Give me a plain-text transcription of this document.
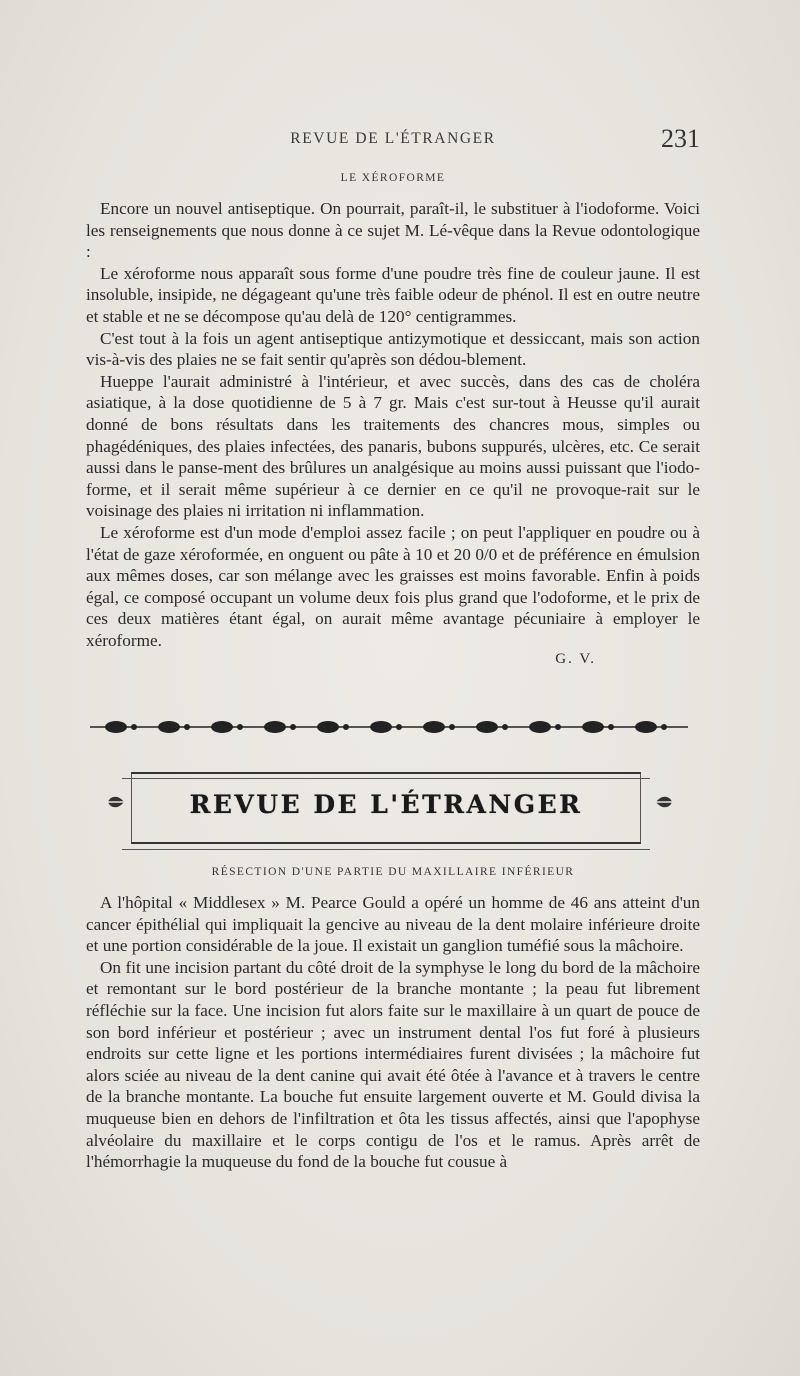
REVUE DE L'ÉTRANGER	231
LE XÉROFORME

Encore un nouvel antiseptique. On pourrait, paraît-il, le substituer à l'iodoforme. Voici les renseignements que nous donne à ce sujet M. Lé-vêque dans la Revue odontologique :

Le xéroforme nous apparaît sous forme d'une poudre très fine de couleur jaune. Il est insoluble, insipide, ne dégageant qu'une très faible odeur de phénol. Il est en outre neutre et stable et ne se décompose qu'au delà de 120° centigrammes.

C'est tout à la fois un agent antiseptique antizymotique et dessiccant, mais son action vis-à-vis des plaies ne se fait sentir qu'après son dédou-blement.

Hueppe l'aurait administré à l'intérieur, et avec succès, dans des cas de choléra asiatique, à la dose quotidienne de 5 à 7 gr. Mais c'est sur-tout à Heusse qu'il aurait donné de bons résultats dans les traitements des chancres mous, simples ou phagédéniques, des plaies infectées, des panaris, bubons suppurés, ulcères, etc. Ce serait aussi dans le panse-ment des brûlures un analgésique au moins aussi puissant que l'iodo-forme, et il serait même supérieur à ce dernier en ce qu'il ne provoque-rait sur le voisinage des plaies ni irritation ni inflammation.

Le xéroforme est d'un mode d'emploi assez facile ; on peut l'appliquer en poudre ou à l'état de gaze xéroformée, en onguent ou pâte à 10 et 20 0/0 et de préférence en émulsion aux mêmes doses, car son mélange avec les graisses est moins favorable. Enfin à poids égal, ce composé occupant un volume deux fois plus grand que l'odoforme, et le prix de ces deux matières étant égal, on aurait même avantage pécuniaire à employer le xéroforme.

G. V.
REVUE DE L'ÉTRANGER
RÉSECTION D'UNE PARTIE DU MAXILLAIRE INFÉRIEUR

A l'hôpital « Middlesex » M. Pearce Gould a opéré un homme de 46 ans atteint d'un cancer épithélial qui impliquait la gencive au niveau de la dent molaire inférieure droite et une portion considérable de la joue. Il existait un ganglion tuméfié sous la mâchoire.

On fit une incision partant du côté droit de la symphyse le long du bord de la mâchoire et remontant sur le bord postérieur de la branche montante ; la peau fut librement réfléchie sur la face. Une incision fut alors faite sur le maxillaire à un quart de pouce de son bord inférieur et postérieur ; avec un instrument dental l'os fut foré à plusieurs endroits sur cette ligne et les portions intermédiaires furent divisées ; la mâchoire fut alors sciée au niveau de la dent canine qui avait été ôtée à l'avance et à travers le centre de la branche montante. La bouche fut ensuite largement ouverte et M. Gould divisa la muqueuse bien en dehors de l'infiltration et ôta les tissus affectés, ainsi que l'apophyse alvéolaire du maxillaire et le corps contigu de l'os et le ramus. Après arrêt de l'hémorrhagie la muqueuse du fond de la bouche fut cousue à
